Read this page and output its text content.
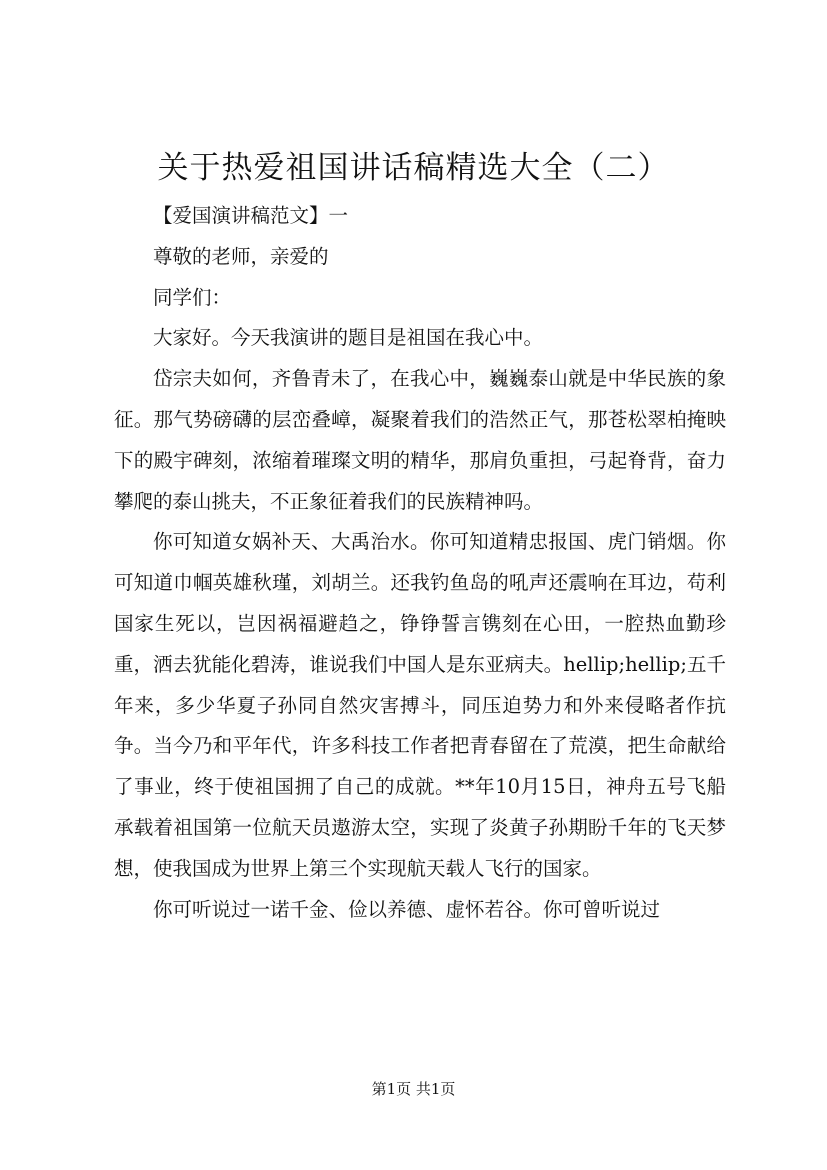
关于热爱祖国讲话稿精选大全（二）

【爱国演讲稿范文】一

尊敬的老师，亲爱的

同学们：

大家好。今天我演讲的题目是祖国在我心中。

岱宗夫如何，齐鲁青未了，在我心中，巍巍泰山就是中华民族的象征。那气势磅礴的层峦叠嶂，凝聚着我们的浩然正气，那苍松翠柏掩映下的殿宇碑刻，浓缩着璀璨文明的精华，那肩负重担，弓起脊背，奋力攀爬的泰山挑夫，不正象征着我们的民族精神吗。

你可知道女娲补天、大禹治水。你可知道精忠报国、虎门销烟。你可知道巾帼英雄秋瑾，刘胡兰。还我钓鱼岛的吼声还震响在耳边，苟利国家生死以，岂因祸福避趋之，铮铮誓言镌刻在心田，一腔热血勤珍重，洒去犹能化碧涛，谁说我们中国人是东亚病夫。hellip;hellip;五千年来，多少华夏子孙同自然灾害搏斗，同压迫势力和外来侵略者作抗争。当今乃和平年代，许多科技工作者把青春留在了荒漠，把生命献给了事业，终于使祖国拥了自己的成就。**年10月15日，神舟五号飞船承载着祖国第一位航天员遨游太空，实现了炎黄子孙期盼千年的飞天梦想，使我国成为世界上第三个实现航天载人飞行的国家。

你可听说过一诺千金、俭以养德、虚怀若谷。你可曾听说过

第1页 共1页
